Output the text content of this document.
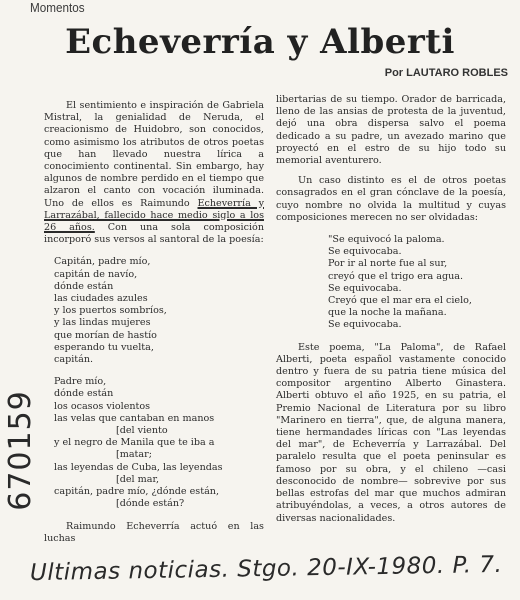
Momentos
Echeverría y Alberti
Por LAUTARO ROBLES

El sentimiento e inspiración de Gabriela Mistral, la genialidad de Neruda, el creacionismo de Huidobro, son conocidos, como asimismo los atributos de otros poetas que han llevado nuestra lírica a conocimiento continental. Sin embargo, hay algunos de nombre perdido en el tiempo que alzaron el canto con vocación iluminada. Uno de ellos es Raimundo Echeverría y Larrazábal, fallecido hace medio siglo a los 26 años. Con una sola composición incorporó sus versos al santoral de la poesía:

Capitán, padre mío,
capitán de navío,
dónde están
las ciudades azules
y los puertos sombríos,
y las lindas mujeres
que morían de hastío
esperando tu vuelta,
capitán.
Padre mío,
dónde están
los ocasos violentos
las velas que cantaban en manos
[del viento
y el negro de Manila que te iba a
[matar;
las leyendas de Cuba, las leyendas
[del mar,
capitán, padre mío, ¿dónde están,
[dónde están?

Raimundo Echeverría actuó en las luchas

libertarias de su tiempo. Orador de barricada, lleno de las ansias de protesta de la juventud, dejó una obra dispersa salvo el poema dedicado a su padre, un avezado marino que proyectó en el estro de su hijo todo su memorial aventurero.

Un caso distinto es el de otros poetas consagrados en el gran cónclave de la poesía, cuyo nombre no olvida la multitud y cuyas composiciones merecen no ser olvidadas:

"Se equivocó la paloma.
Se equivocaba.
Por ir al norte fue al sur,
creyó que el trigo era agua.
Se equivocaba.
Creyó que el mar era el cielo,
que la noche la mañana.
Se equivocaba.

Este poema, "La Paloma", de Rafael Alberti, poeta español vastamente conocido dentro y fuera de su patria tiene música del compositor argentino Alberto Ginastera. Alberti obtuvo el año 1925, en su patria, el Premio Nacional de Literatura por su libro "Marinero en tierra", que, de alguna manera, tiene hermandades líricas con "Las leyendas del mar", de Echeverría y Larrazábal. Del paralelo resulta que el poeta peninsular es famoso por su obra, y el chileno —casi desconocido de nombre— sobrevive por sus bellas estrofas del mar que muchos admiran atribuyéndolas, a veces, a otros autores de diversas nacionalidades.

670159
Ultimas noticias. Stgo. 20-IX-1980. P. 7.
